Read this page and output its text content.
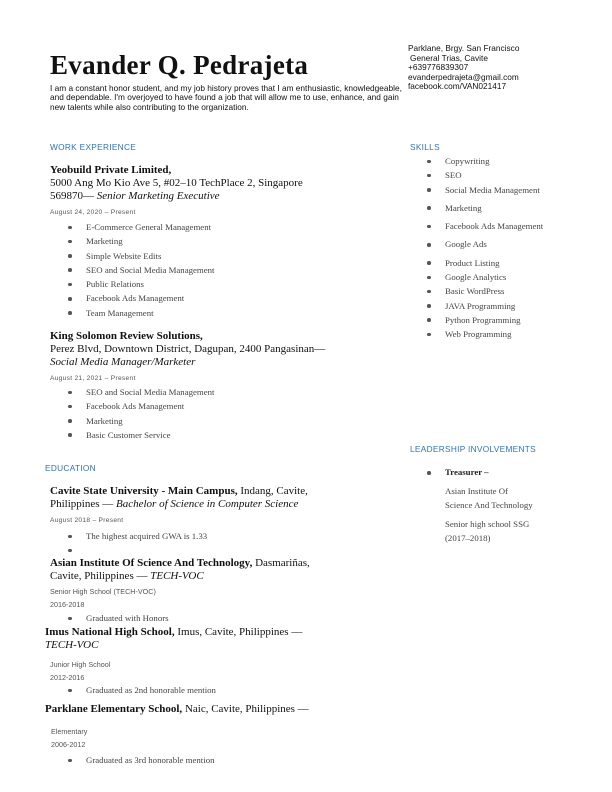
Evander Q. Pedrajeta
I am a constant honor student, and my job history proves that I am enthusiastic, knowledgeable, and dependable. I'm overjoyed to have found a job that will allow me to use, enhance, and gain new talents while also contributing to the organization.
Parklane, Brgy. San Francisco
General Trias, Cavite
+639776839307
evanderpedrajeta@gmail.com
facebook.com/VAN021417
WORK EXPERIENCE
Yeobuild Private Limited,
5000 Ang Mo Kio Ave 5, #02–10 TechPlace 2, Singapore
569870— Senior Marketing Executive
August 24, 2020 – Present
E-Commerce General Management
Marketing
Simple Website Edits
SEO and Social Media Management
Public Relations
Facebook Ads Management
Team Management
King Solomon Review Solutions,
Perez Blvd, Downtown District, Dagupan, 2400 Pangasinan—
Social Media Manager/Marketer
August 21, 2021 – Present
SEO and Social Media Management
Facebook Ads Management
Marketing
Basic Customer Service
EDUCATION
Cavite State University - Main Campus, Indang, Cavite,
Philippines — Bachelor of Science in Computer Science
August 2018 – Present
The highest acquired GWA is 1.33
Asian Institute Of Science And Technology, Dasmariñas,
Cavite, Philippines — TECH-VOC
Senior High School (TECH-VOC)
2016-2018
Graduated with Honors
Imus National High School, Imus, Cavite, Philippines —
TECH-VOC
Junior High School
2012-2016
Graduated as 2nd honorable mention
Parklane Elementary School, Naic, Cavite, Philippines —
Elementary
2006-2012
Graduated as 3rd honorable mention
SKILLS
Copywriting
SEO
Social Media Management
Marketing
Facebook Ads Management
Google Ads
Product Listing
Google Analytics
Basic WordPress
JAVA Programming
Python Programming
Web Programming
LEADERSHIP INVOLVEMENTS
Treasurer –
Asian Institute Of Science And Technology
Senior high school SSG (2017–2018)
